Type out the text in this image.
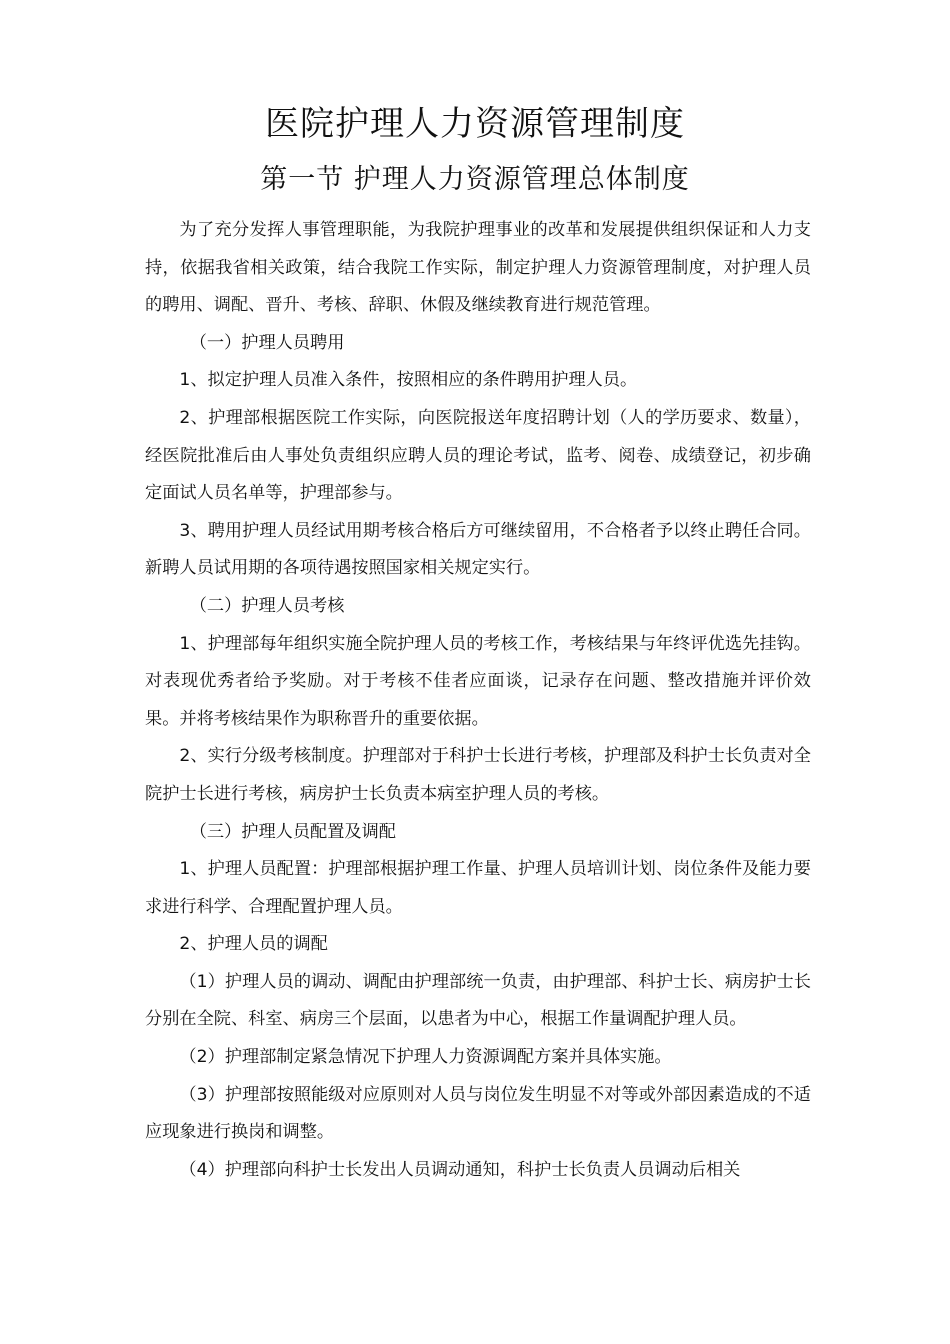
医院护理人力资源管理制度
第一节 护理人力资源管理总体制度

为了充分发挥人事管理职能，为我院护理事业的改革和发展提供组织保证和人力支持，依据我省相关政策，结合我院工作实际，制定护理人力资源管理制度，对护理人员的聘用、调配、晋升、考核、辞职、休假及继续教育进行规范管理。

（一）护理人员聘用

1、拟定护理人员准入条件，按照相应的条件聘用护理人员。

2、护理部根据医院工作实际，向医院报送年度招聘计划（人的学历要求、数量），经医院批准后由人事处负责组织应聘人员的理论考试，监考、阅卷、成绩登记，初步确定面试人员名单等，护理部参与。

3、聘用护理人员经试用期考核合格后方可继续留用，不合格者予以终止聘任合同。新聘人员试用期的各项待遇按照国家相关规定实行。

（二）护理人员考核

1、护理部每年组织实施全院护理人员的考核工作，考核结果与年终评优选先挂钩。对表现优秀者给予奖励。对于考核不佳者应面谈，记录存在问题、整改措施并评价效果。并将考核结果作为职称晋升的重要依据。

2、实行分级考核制度。护理部对于科护士长进行考核，护理部及科护士长负责对全院护士长进行考核，病房护士长负责本病室护理人员的考核。

（三）护理人员配置及调配

1、护理人员配置：护理部根据护理工作量、护理人员培训计划、岗位条件及能力要求进行科学、合理配置护理人员。

2、护理人员的调配

（1）护理人员的调动、调配由护理部统一负责，由护理部、科护士长、病房护士长分别在全院、科室、病房三个层面，以患者为中心，根据工作量调配护理人员。

（2）护理部制定紧急情况下护理人力资源调配方案并具体实施。

（3）护理部按照能级对应原则对人员与岗位发生明显不对等或外部因素造成的不适应现象进行换岗和调整。

（4）护理部向科护士长发出人员调动通知，科护士长负责人员调动后相关
